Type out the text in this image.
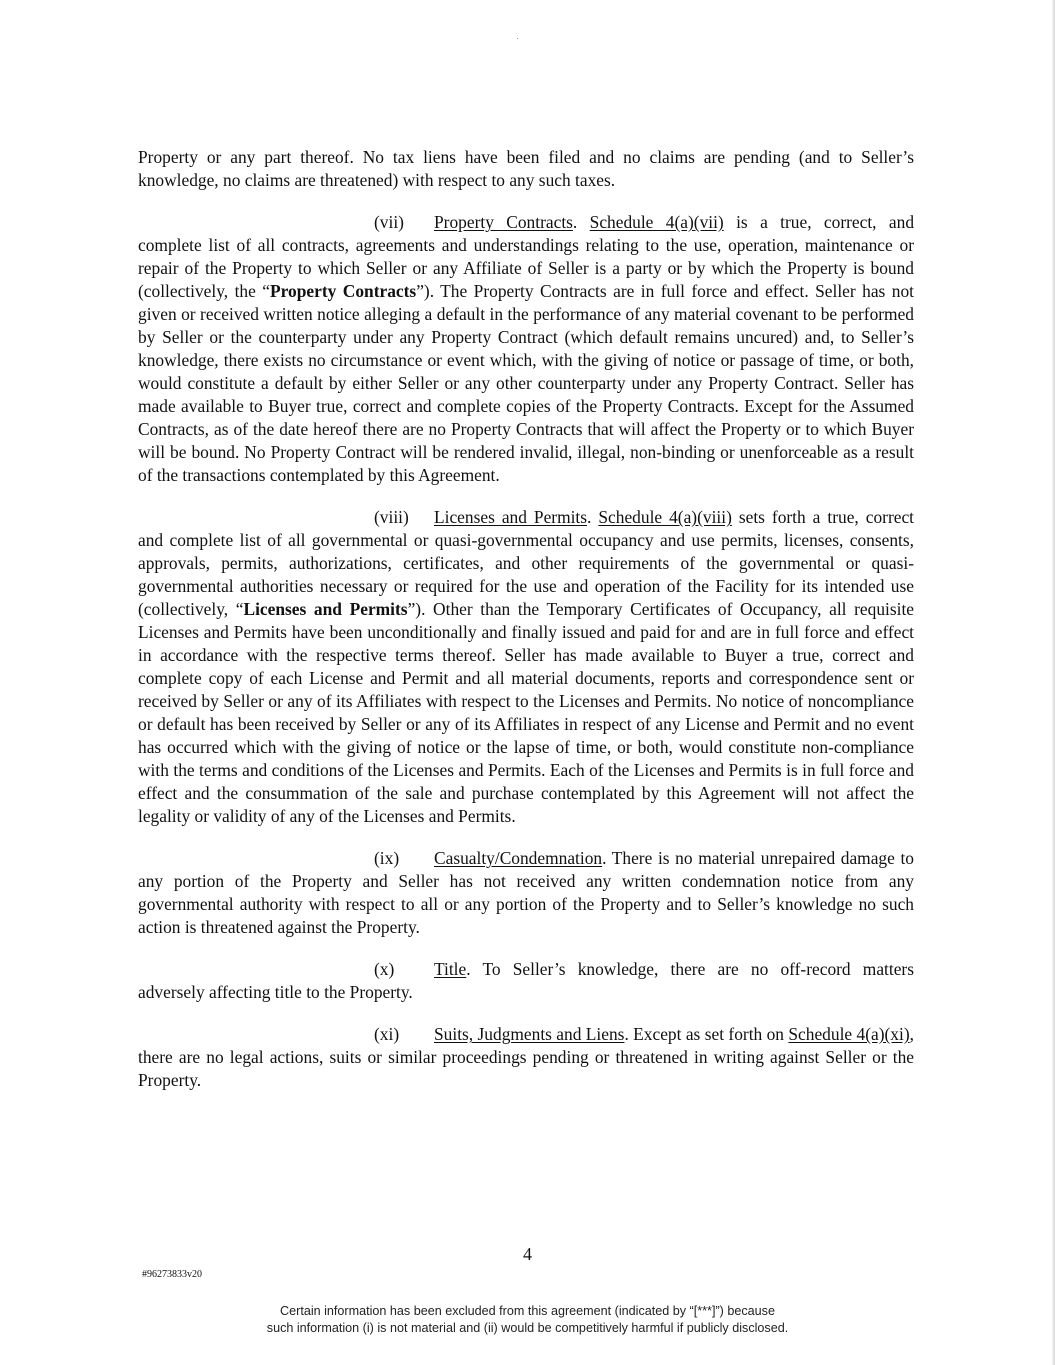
Property or any part thereof. No tax liens have been filed and no claims are pending (and to Seller’s knowledge, no claims are threatened) with respect to any such taxes.

(vii) Property Contracts. Schedule 4(a)(vii) is a true, correct, and complete list of all contracts, agreements and understandings relating to the use, operation, maintenance or repair of the Property to which Seller or any Affiliate of Seller is a party or by which the Property is bound (collectively, the “Property Contracts”). The Property Contracts are in full force and effect. Seller has not given or received written notice alleging a default in the performance of any material covenant to be performed by Seller or the counterparty under any Property Contract (which default remains uncured) and, to Seller’s knowledge, there exists no circumstance or event which, with the giving of notice or passage of time, or both, would constitute a default by either Seller or any other counterparty under any Property Contract. Seller has made available to Buyer true, correct and complete copies of the Property Contracts. Except for the Assumed Contracts, as of the date hereof there are no Property Contracts that will affect the Property or to which Buyer will be bound. No Property Contract will be rendered invalid, illegal, non-binding or unenforceable as a result of the transactions contemplated by this Agreement.

(viii) Licenses and Permits. Schedule 4(a)(viii) sets forth a true, correct and complete list of all governmental or quasi-governmental occupancy and use permits, licenses, consents, approvals, permits, authorizations, certificates, and other requirements of the governmental or quasi-governmental authorities necessary or required for the use and operation of the Facility for its intended use (collectively, “Licenses and Permits”). Other than the Temporary Certificates of Occupancy, all requisite Licenses and Permits have been unconditionally and finally issued and paid for and are in full force and effect in accordance with the respective terms thereof. Seller has made available to Buyer a true, correct and complete copy of each License and Permit and all material documents, reports and correspondence sent or received by Seller or any of its Affiliates with respect to the Licenses and Permits. No notice of noncompliance or default has been received by Seller or any of its Affiliates in respect of any License and Permit and no event has occurred which with the giving of notice or the lapse of time, or both, would constitute non-compliance with the terms and conditions of the Licenses and Permits. Each of the Licenses and Permits is in full force and effect and the consummation of the sale and purchase contemplated by this Agreement will not affect the legality or validity of any of the Licenses and Permits.

(ix) Casualty/Condemnation. There is no material unrepaired damage to any portion of the Property and Seller has not received any written condemnation notice from any governmental authority with respect to all or any portion of the Property and to Seller’s knowledge no such action is threatened against the Property.

(x) Title. To Seller’s knowledge, there are no off-record matters adversely affecting title to the Property.

(xi) Suits, Judgments and Liens. Except as set forth on Schedule 4(a)(xi), there are no legal actions, suits or similar proceedings pending or threatened in writing against Seller or the Property.

4
#96273833v20
Certain information has been excluded from this agreement (indicated by “[***]”) because
such information (i) is not material and (ii) would be competitively harmful if publicly disclosed.
